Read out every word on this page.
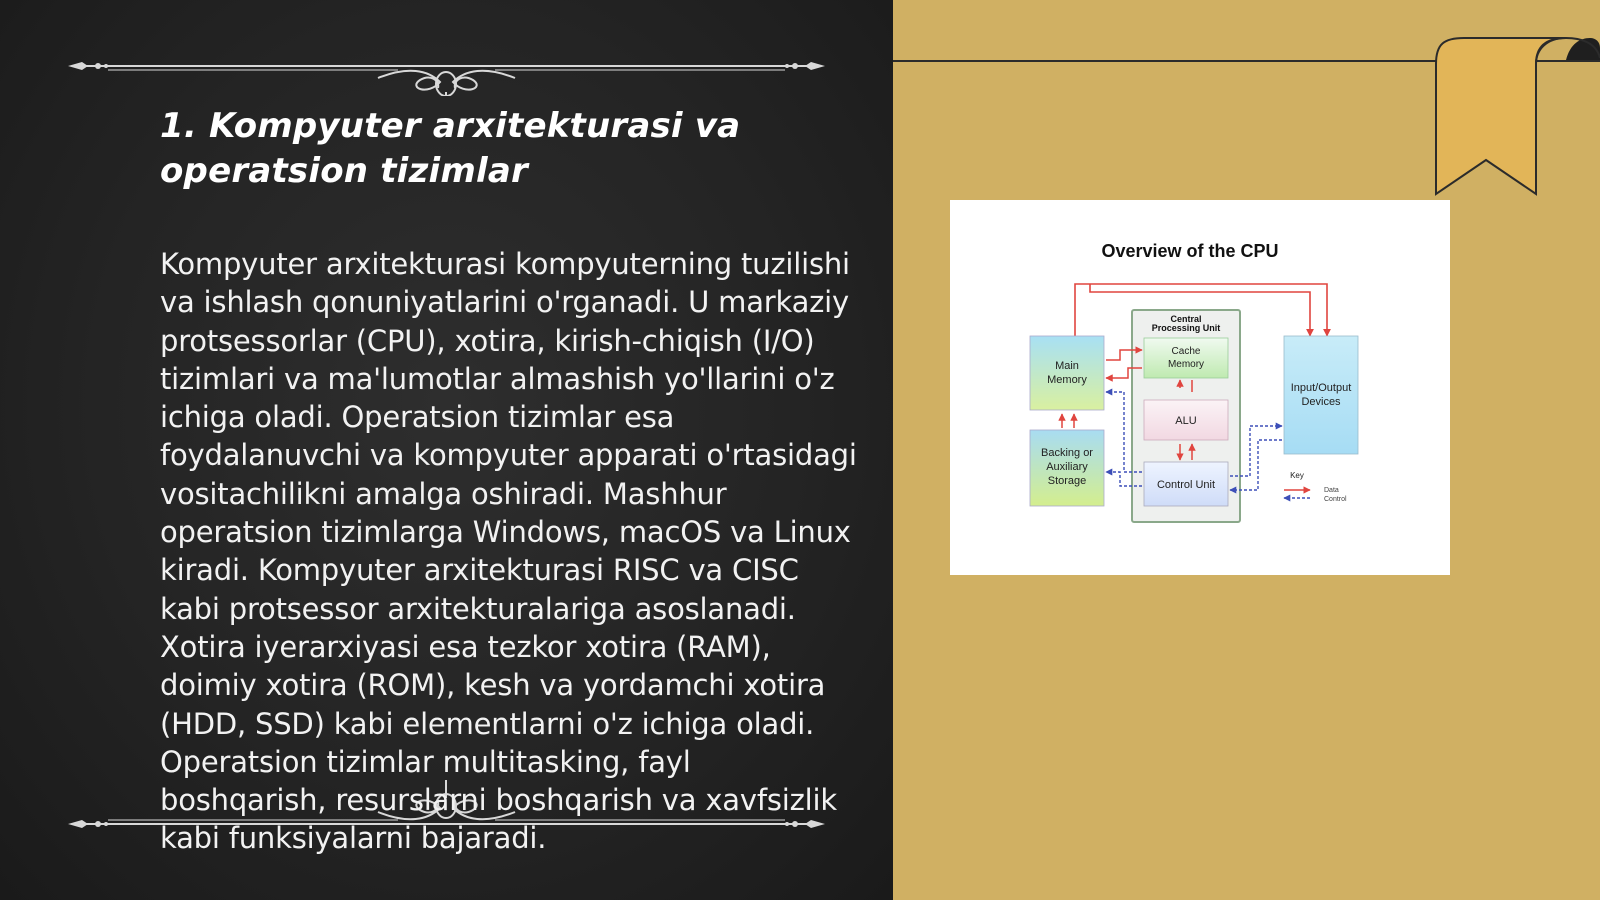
1. Kompyuter arxitekturasi va operatsion tizimlar

Kompyuter arxitekturasi kompyuterning tuzilishi va ishlash qonuniyatlarini o'rganadi. U markaziy protsessorlar (CPU), xotira, kirish-chiqish (I/O) tizimlari va ma'lumotlar almashish yo'llarini o'z ichiga oladi. Operatsion tizimlar esa foydalanuvchi va kompyuter apparati o'rtasidagi vositachilikni amalga oshiradi. Mashhur operatsion tizimlarga Windows, macOS va Linux kiradi. Kompyuter arxitekturasi RISC va CISC kabi protsessor arxitekturalariga asoslanadi. Xotira iyerarxiyasi esa tezkor xotira (RAM), doimiy xotira (ROM), kesh va yordamchi xotira (HDD, SSD) kabi elementlarni o'z ichiga oladi. Operatsion tizimlar multitasking, fayl boshqarish, resurslarni boshqarish va xavfsizlik kabi funksiyalarni bajaradi.

Overview of the CPU
Central
Processing Unit
Main
Memory
Backing or
Auxiliary
Storage
Cache
Memory
ALU
Control Unit
Input/Output
Devices
Key
Data
Control
